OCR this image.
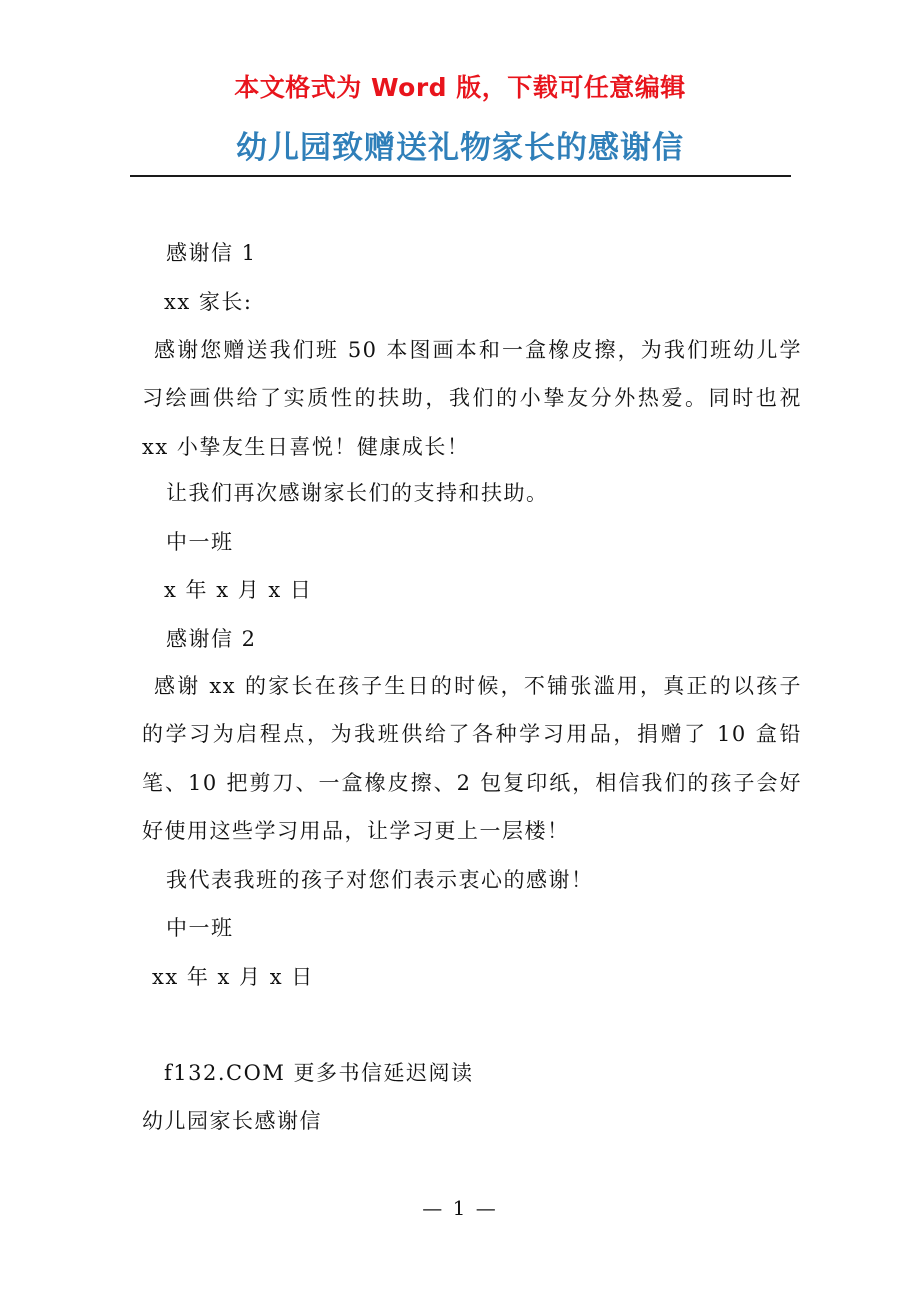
本文格式为 Word 版，下载可任意编辑
幼儿园致赠送礼物家长的感谢信
感谢信 1
xx 家长:
感谢您赠送我们班 50 本图画本和一盒橡皮擦，为我们班幼儿学习绘画供给了实质性的扶助，我们的小挚友分外热爱。同时也祝 xx 小挚友生日喜悦！健康成长！
让我们再次感谢家长们的支持和扶助。
中一班
x 年 x 月 x 日
感谢信 2
感谢 xx 的家长在孩子生日的时候，不铺张滥用，真正的以孩子的学习为启程点，为我班供给了各种学习用品，捐赠了 10 盒铅笔、10 把剪刀、一盒橡皮擦、2 包复印纸，相信我们的孩子会好好使用这些学习用品，让学习更上一层楼！
我代表我班的孩子对您们表示衷心的感谢！
中一班
xx 年 x 月 x 日
f132.COM 更多书信延迟阅读
幼儿园家长感谢信
— 1 —
